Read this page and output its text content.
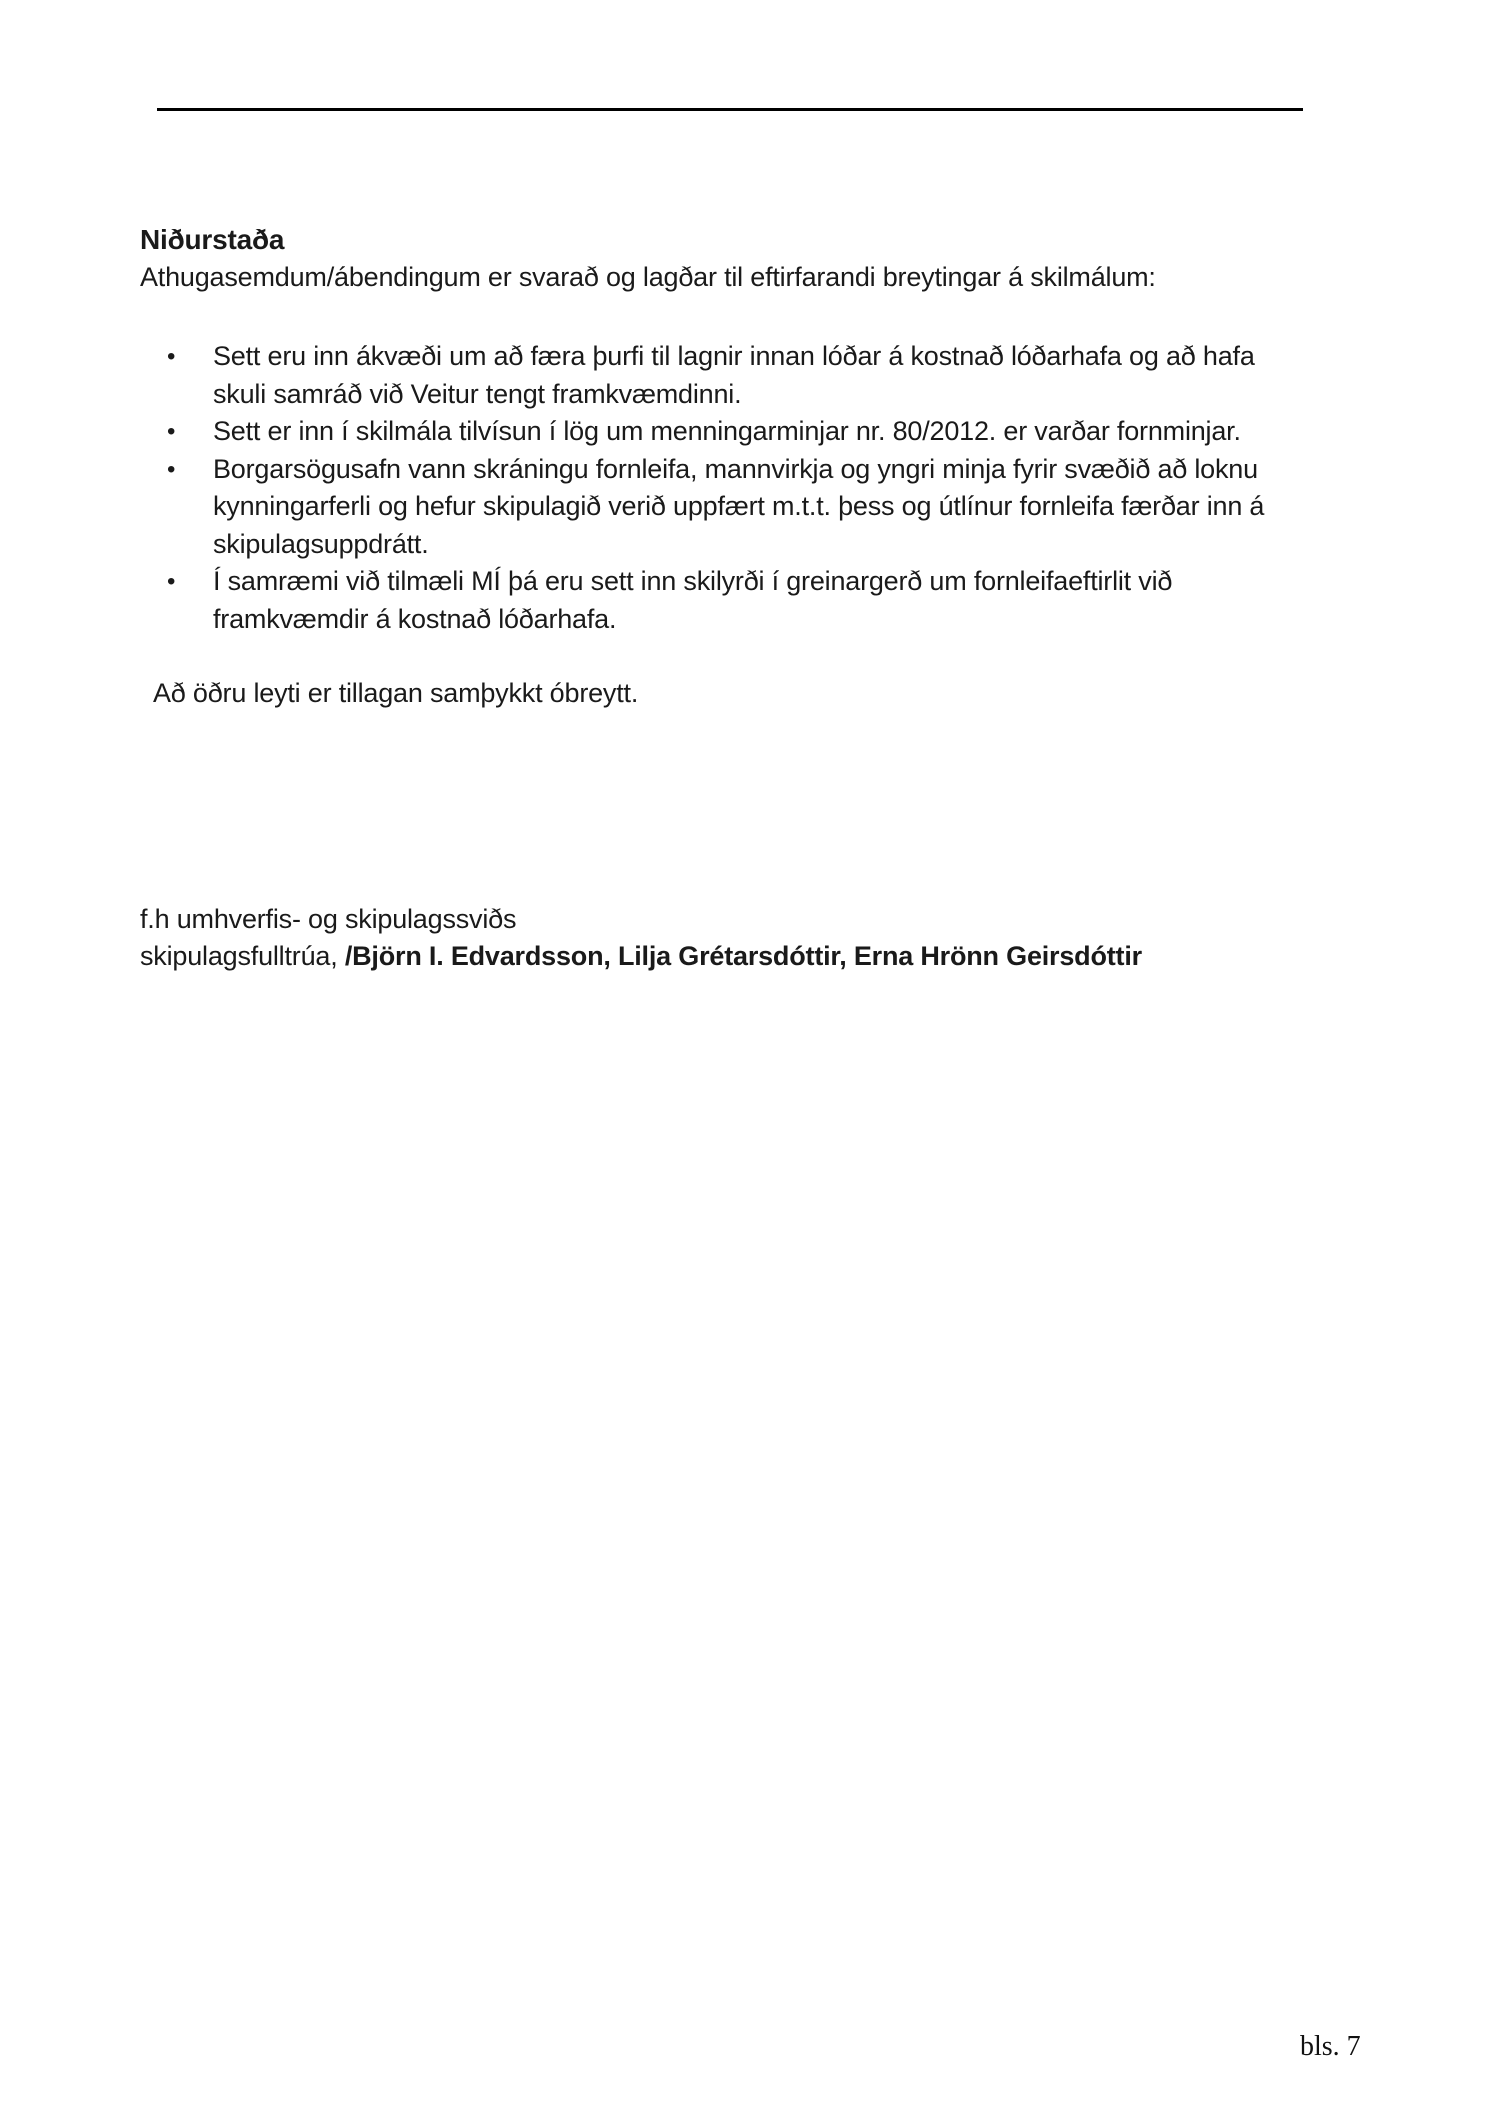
Niðurstaða

Athugasemdum/ábendingum er svarað og lagðar til eftirfarandi breytingar á skilmálum:

•	Sett eru inn ákvæði um að færa þurfi til lagnir innan lóðar á kostnað lóðarhafa og að hafa skuli samráð við Veitur tengt framkvæmdinni.
•	Sett er inn í skilmála tilvísun í lög um menningarminjar nr. 80/2012. er varðar fornminjar.
•	Borgarsögusafn vann skráningu fornleifa, mannvirkja og yngri minja fyrir svæðið að loknu kynningarferli og hefur skipulagið verið uppfært m.t.t. þess og útlínur fornleifa færðar inn á skipulagsuppdrátt.
•	Í samræmi við tilmæli MÍ þá eru sett inn skilyrði í greinargerð um fornleifaeftirlit við framkvæmdir á kostnað lóðarhafa.

Að öðru leyti er tillagan samþykkt óbreytt.

f.h umhverfis- og skipulagssviðs

skipulagsfulltrúa, /Björn I. Edvardsson, Lilja Grétarsdóttir, Erna Hrönn Geirsdóttir

bls. 7
